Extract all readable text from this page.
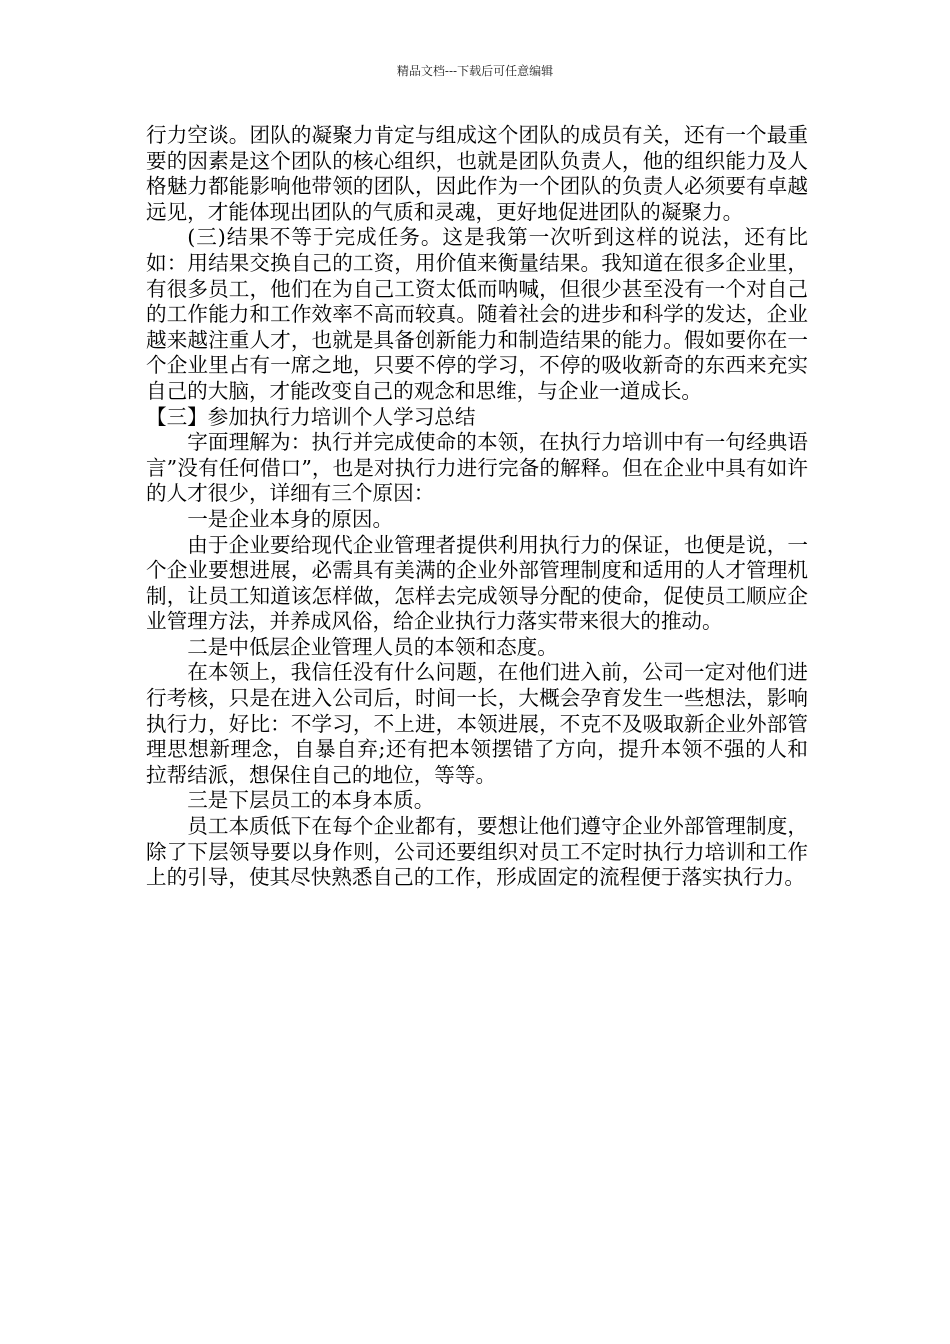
精品文档---下载后可任意编辑

行力空谈。团队的凝聚力肯定与组成这个团队的成员有关，还有一个最重要的因素是这个团队的核心组织，也就是团队负责人，他的组织能力及人格魅力都能影响他带领的团队，因此作为一个团队的负责人必须要有卓越远见，才能体现出团队的气质和灵魂，更好地促进团队的凝聚力。

(三)结果不等于完成任务。这是我第一次听到这样的说法，还有比如：用结果交换自己的工资，用价值来衡量结果。我知道在很多企业里，有很多员工，他们在为自己工资太低而呐喊，但很少甚至没有一个对自己的工作能力和工作效率不高而较真。随着社会的进步和科学的发达，企业越来越注重人才，也就是具备创新能力和制造结果的能力。假如要你在一个企业里占有一席之地，只要不停的学习，不停的吸收新奇的东西来充实自己的大脑，才能改变自己的观念和思维，与企业一道成长。

【三】参加执行力培训个人学习总结

字面理解为：执行并完成使命的本领，在执行力培训中有一句经典语言”没有任何借口”，也是对执行力进行完备的解释。但在企业中具有如许的人才很少，详细有三个原因：

一是企业本身的原因。

由于企业要给现代企业管理者提供利用执行力的保证，也便是说，一个企业要想进展，必需具有美满的企业外部管理制度和适用的人才管理机制，让员工知道该怎样做，怎样去完成领导分配的使命，促使员工顺应企业管理方法，并养成风俗，给企业执行力落实带来很大的推动。

二是中低层企业管理人员的本领和态度。

在本领上，我信任没有什么问题，在他们进入前，公司一定对他们进行考核，只是在进入公司后，时间一长，大概会孕育发生一些想法，影响执行力，好比：不学习，不上进，本领进展，不克不及吸取新企业外部管理思想新理念，自暴自弃;还有把本领摆错了方向，提升本领不强的人和拉帮结派，想保住自己的地位，等等。

三是下层员工的本身本质。

员工本质低下在每个企业都有，要想让他们遵守企业外部管理制度，除了下层领导要以身作则，公司还要组织对员工不定时执行力培训和工作上的引导，使其尽快熟悉自己的工作，形成固定的流程便于落实执行力。
